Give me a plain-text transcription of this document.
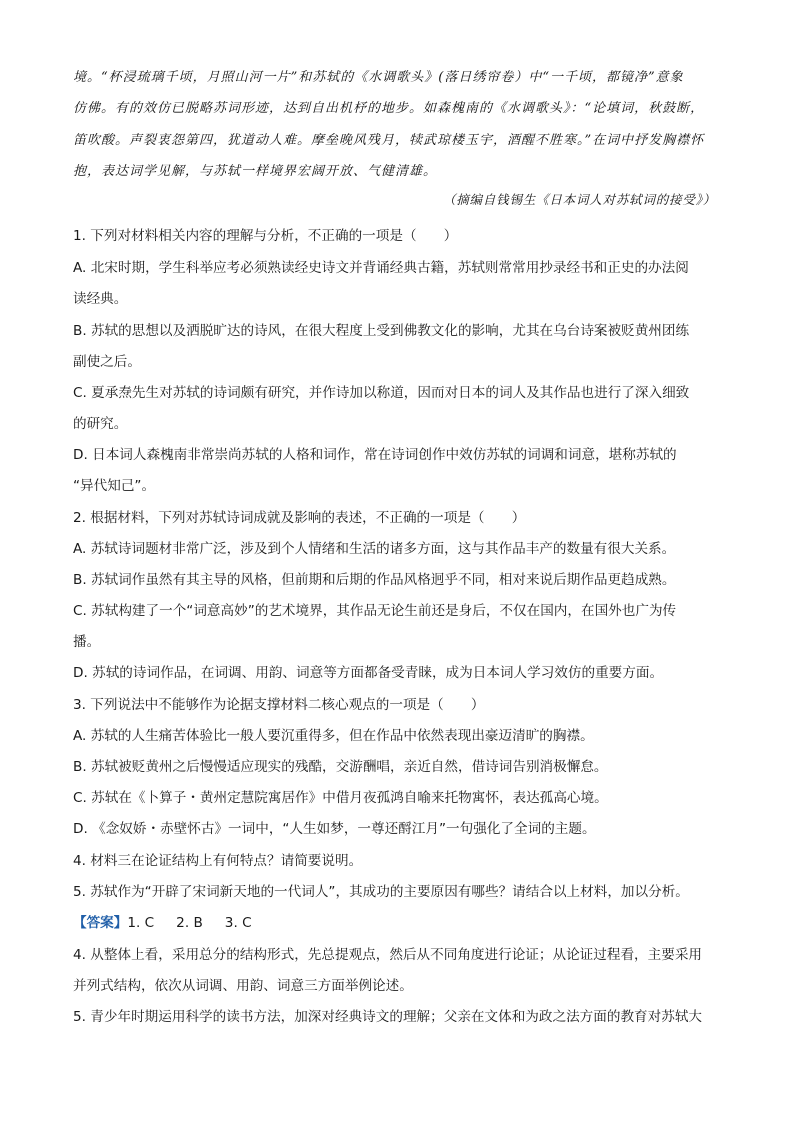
境。“杯浸琉璃千顷，月照山河一片”和苏轼的《水调歌头》(落日绣帘卷）中“一千顷，都镜净”意象
仿佛。有的效仿已脱略苏词形迹，达到自出机杼的地步。如森槐南的《水调歌头》：“论填词，秋鼓断，
笛吹酸。声裂衷怨第四，犹道动人难。摩垒晚风残月，犊武琼楼玉宇，酒醒不胜寒。”在词中抒发胸襟怀
抱，表达词学见解，与苏轼一样境界宏阔开放、气健清雄。
（摘编自钱锡生《日本词人对苏轼词的接受》）
1. 下列对材料相关内容的理解与分析，不正确的一项是（　　）
A. 北宋时期，学生科举应考必须熟读经史诗文并背诵经典古籍，苏轼则常常用抄录经书和正史的办法阅
读经典。
B. 苏轼的思想以及洒脱旷达的诗风，在很大程度上受到佛教文化的影响，尤其在乌台诗案被贬黄州团练
副使之后。
C. 夏承焘先生对苏轼的诗词颇有研究，并作诗加以称道，因而对日本的词人及其作品也进行了深入细致
的研究。
D. 日本词人森槐南非常崇尚苏轼的人格和词作，常在诗词创作中效仿苏轼的词调和词意，堪称苏轼的
“异代知己”。
2. 根据材料，下列对苏轼诗词成就及影响的表述，不正确的一项是（　　）
A. 苏轼诗词题材非常广泛，涉及到个人情绪和生活的诸多方面，这与其作品丰产的数量有很大关系。
B. 苏轼词作虽然有其主导的风格，但前期和后期的作品风格迥乎不同，相对来说后期作品更趋成熟。
C. 苏轼构建了一个“词意高妙”的艺术境界，其作品无论生前还是身后，不仅在国内，在国外也广为传
播。
D. 苏轼的诗词作品，在词调、用韵、词意等方面都备受青睐，成为日本词人学习效仿的重要方面。
3. 下列说法中不能够作为论据支撑材料二核心观点的一项是（　　）
A. 苏轼的人生痛苦体验比一般人要沉重得多，但在作品中依然表现出豪迈清旷的胸襟。
B. 苏轼被贬黄州之后慢慢适应现实的残酷，交游酬唱，亲近自然，借诗词告别消极懈怠。
C. 苏轼在《卜算子・黄州定慧院寓居作》中借月夜孤鸿自喻来托物寓怀，表达孤高心境。
D. 《念奴娇・赤壁怀古》一词中，“人生如梦，一尊还酹江月”一句强化了全词的主题。
4. 材料三在论证结构上有何特点？请简要说明。
5. 苏轼作为“开辟了宋词新天地的一代词人”，其成功的主要原因有哪些？请结合以上材料，加以分析。
【答案】1. C 2. B 3. C
4. 从整体上看，采用总分的结构形式，先总提观点，然后从不同角度进行论证；从论证过程看，主要采用
并列式结构，依次从词调、用韵、词意三方面举例论述。
5. 青少年时期运用科学的读书方法，加深对经典诗文的理解；父亲在文体和为政之法方面的教育对苏轼大
